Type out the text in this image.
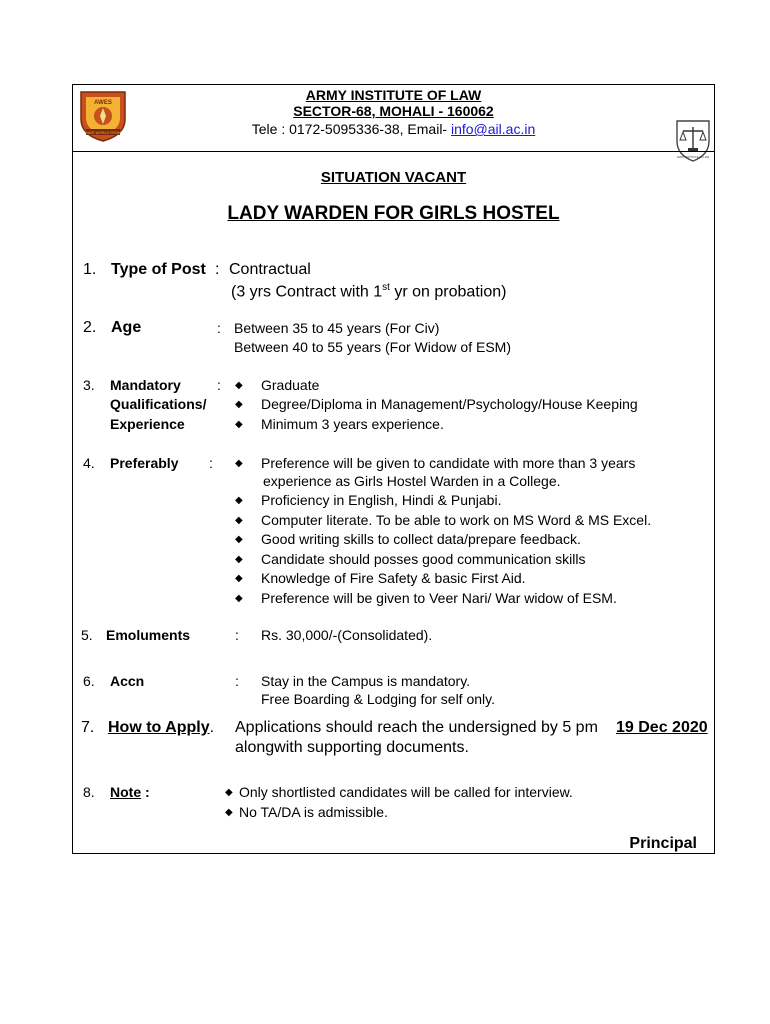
AWES
SAVE WORLD FROM
ARMY INSTITUTE OF LAW
ARMY INSTITUTE OF LAW
SECTOR-68, MOHALI - 160062
Tele : 0172-5095336-38, Email- info@ail.ac.in
SITUATION VACANT
LADY WARDEN FOR GIRLS HOSTEL
1. Type of Post : Contractual
(3 yrs Contract with 1st yr on probation)
2. Age	: Between 35 to 45 years (For Civ)
Between 40 to 55 years (For Widow of ESM)
3. Mandatory
Qualifications/
Experience
: ◆ Graduate
◆ Degree/Diploma in Management/Psychology/House Keeping
◆ Minimum 3 years experience.
4. Preferably : ◆ Preference will be given to candidate with more than 3 years
experience as Girls Hostel Warden in a College.
◆ Proficiency in English, Hindi & Punjabi.
◆ Computer literate. To be able to work on MS Word & MS Excel.
◆ Good writing skills to collect data/prepare feedback.
◆ Candidate should posses good communication skills
◆ Knowledge of Fire Safety & basic First Aid.
◆ Preference will be given to Veer Nari/ War widow of ESM.
5. Emoluments	: Rs. 30,000/-(Consolidated).
6. Accn	: Stay in the Campus is mandatory.
Free Boarding & Lodging for self only.
7. How to Apply. Applications should reach the undersigned by 5 pm 19 Dec 2020
alongwith supporting documents.
8. Note :	◆ Only shortlisted candidates will be called for interview.
◆ No TA/DA is admissible.
Principal
